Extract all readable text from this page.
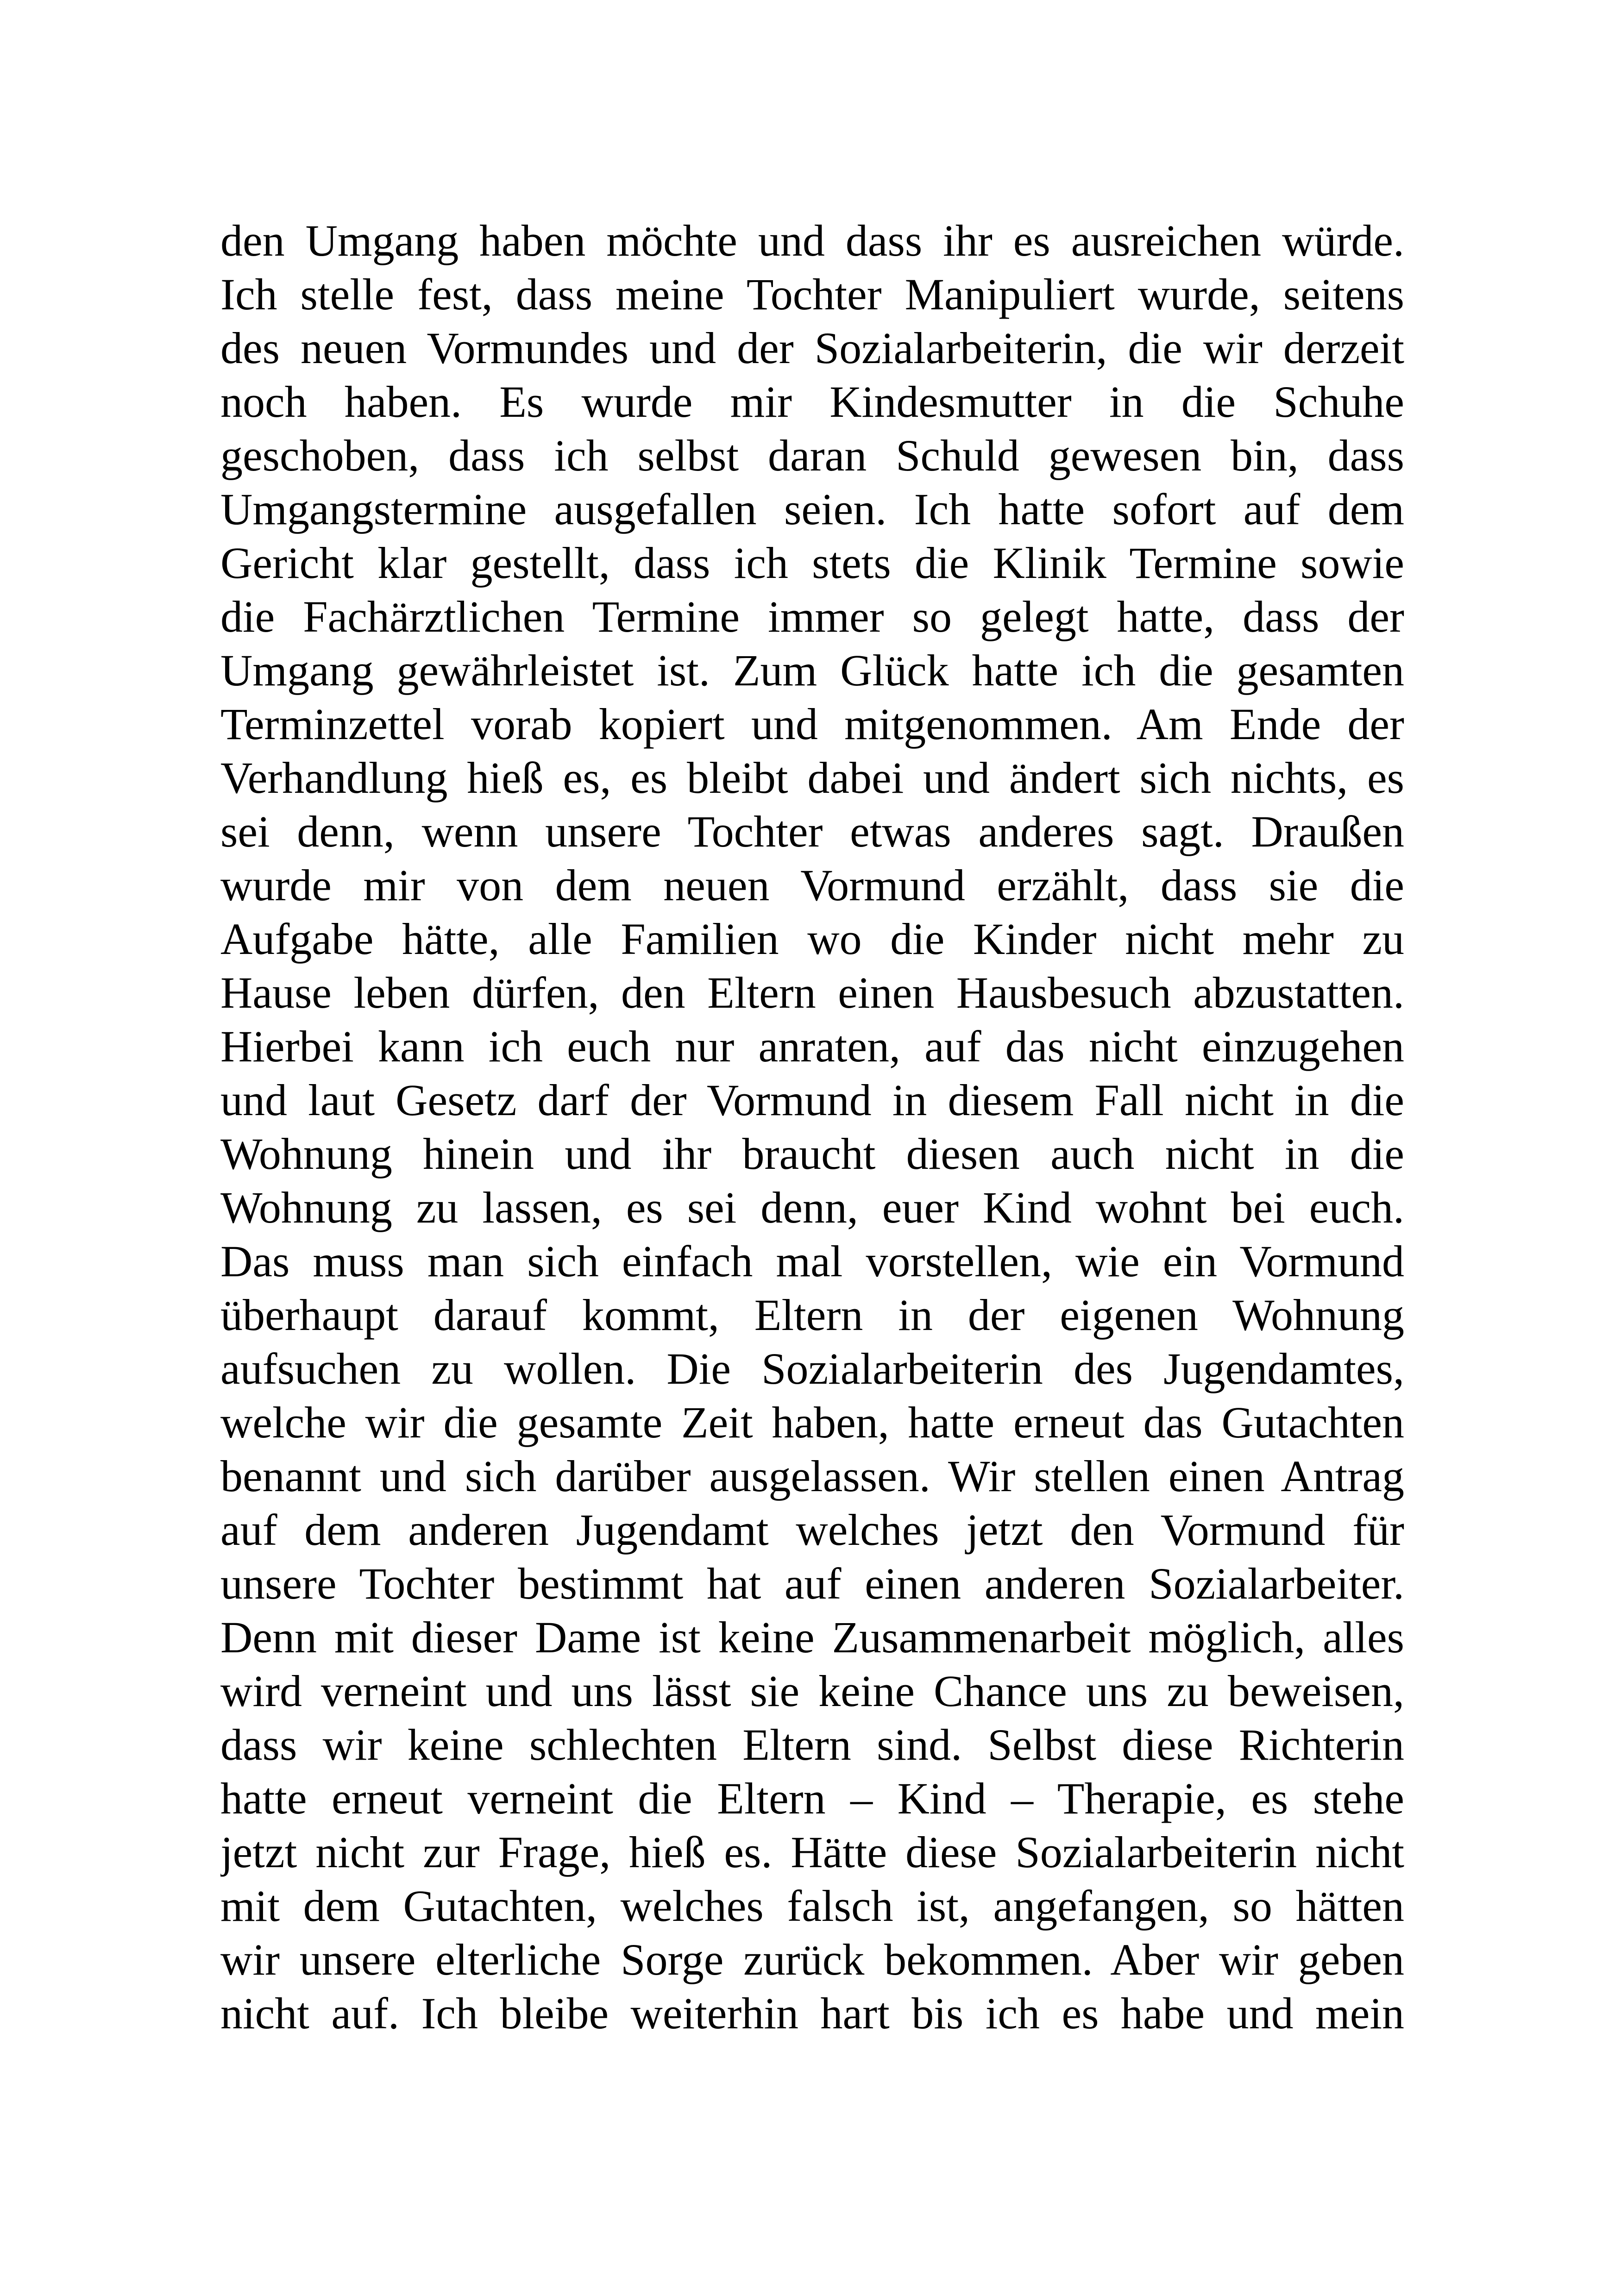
den Umgang haben möchte und dass ihr es ausreichen würde.
Ich stelle fest, dass meine Tochter Manipuliert wurde, seitens
des neuen Vormundes und der Sozialarbeiterin, die wir derzeit
noch haben. Es wurde mir Kindesmutter in die Schuhe
geschoben, dass ich selbst daran Schuld gewesen bin, dass
Umgangstermine ausgefallen seien. Ich hatte sofort auf dem
Gericht klar gestellt, dass ich stets die Klinik Termine sowie
die Fachärztlichen Termine immer so gelegt hatte, dass der
Umgang gewährleistet ist. Zum Glück hatte ich die gesamten
Terminzettel vorab kopiert und mitgenommen. Am Ende der
Verhandlung hieß es, es bleibt dabei und ändert sich nichts, es
sei denn, wenn unsere Tochter etwas anderes sagt. Draußen
wurde mir von dem neuen Vormund erzählt, dass sie die
Aufgabe hätte, alle Familien wo die Kinder nicht mehr zu
Hause leben dürfen, den Eltern einen Hausbesuch abzustatten.
Hierbei kann ich euch nur anraten, auf das nicht einzugehen
und laut Gesetz darf der Vormund in diesem Fall nicht in die
Wohnung hinein und ihr braucht diesen auch nicht in die
Wohnung zu lassen, es sei denn, euer Kind wohnt bei euch.
Das muss man sich einfach mal vorstellen, wie ein Vormund
überhaupt darauf kommt, Eltern in der eigenen Wohnung
aufsuchen zu wollen. Die Sozialarbeiterin des Jugendamtes,
welche wir die gesamte Zeit haben, hatte erneut das Gutachten
benannt und sich darüber ausgelassen. Wir stellen einen Antrag
auf dem anderen Jugendamt welches jetzt den Vormund für
unsere Tochter bestimmt hat auf einen anderen Sozialarbeiter.
Denn mit dieser Dame ist keine Zusammenarbeit möglich, alles
wird verneint und uns lässt sie keine Chance uns zu beweisen,
dass wir keine schlechten Eltern sind. Selbst diese Richterin
hatte erneut verneint die Eltern – Kind – Therapie, es stehe
jetzt nicht zur Frage, hieß es. Hätte diese Sozialarbeiterin nicht
mit dem Gutachten, welches falsch ist, angefangen, so hätten
wir unsere elterliche Sorge zurück bekommen. Aber wir geben
nicht auf. Ich bleibe weiterhin hart bis ich es habe und mein
